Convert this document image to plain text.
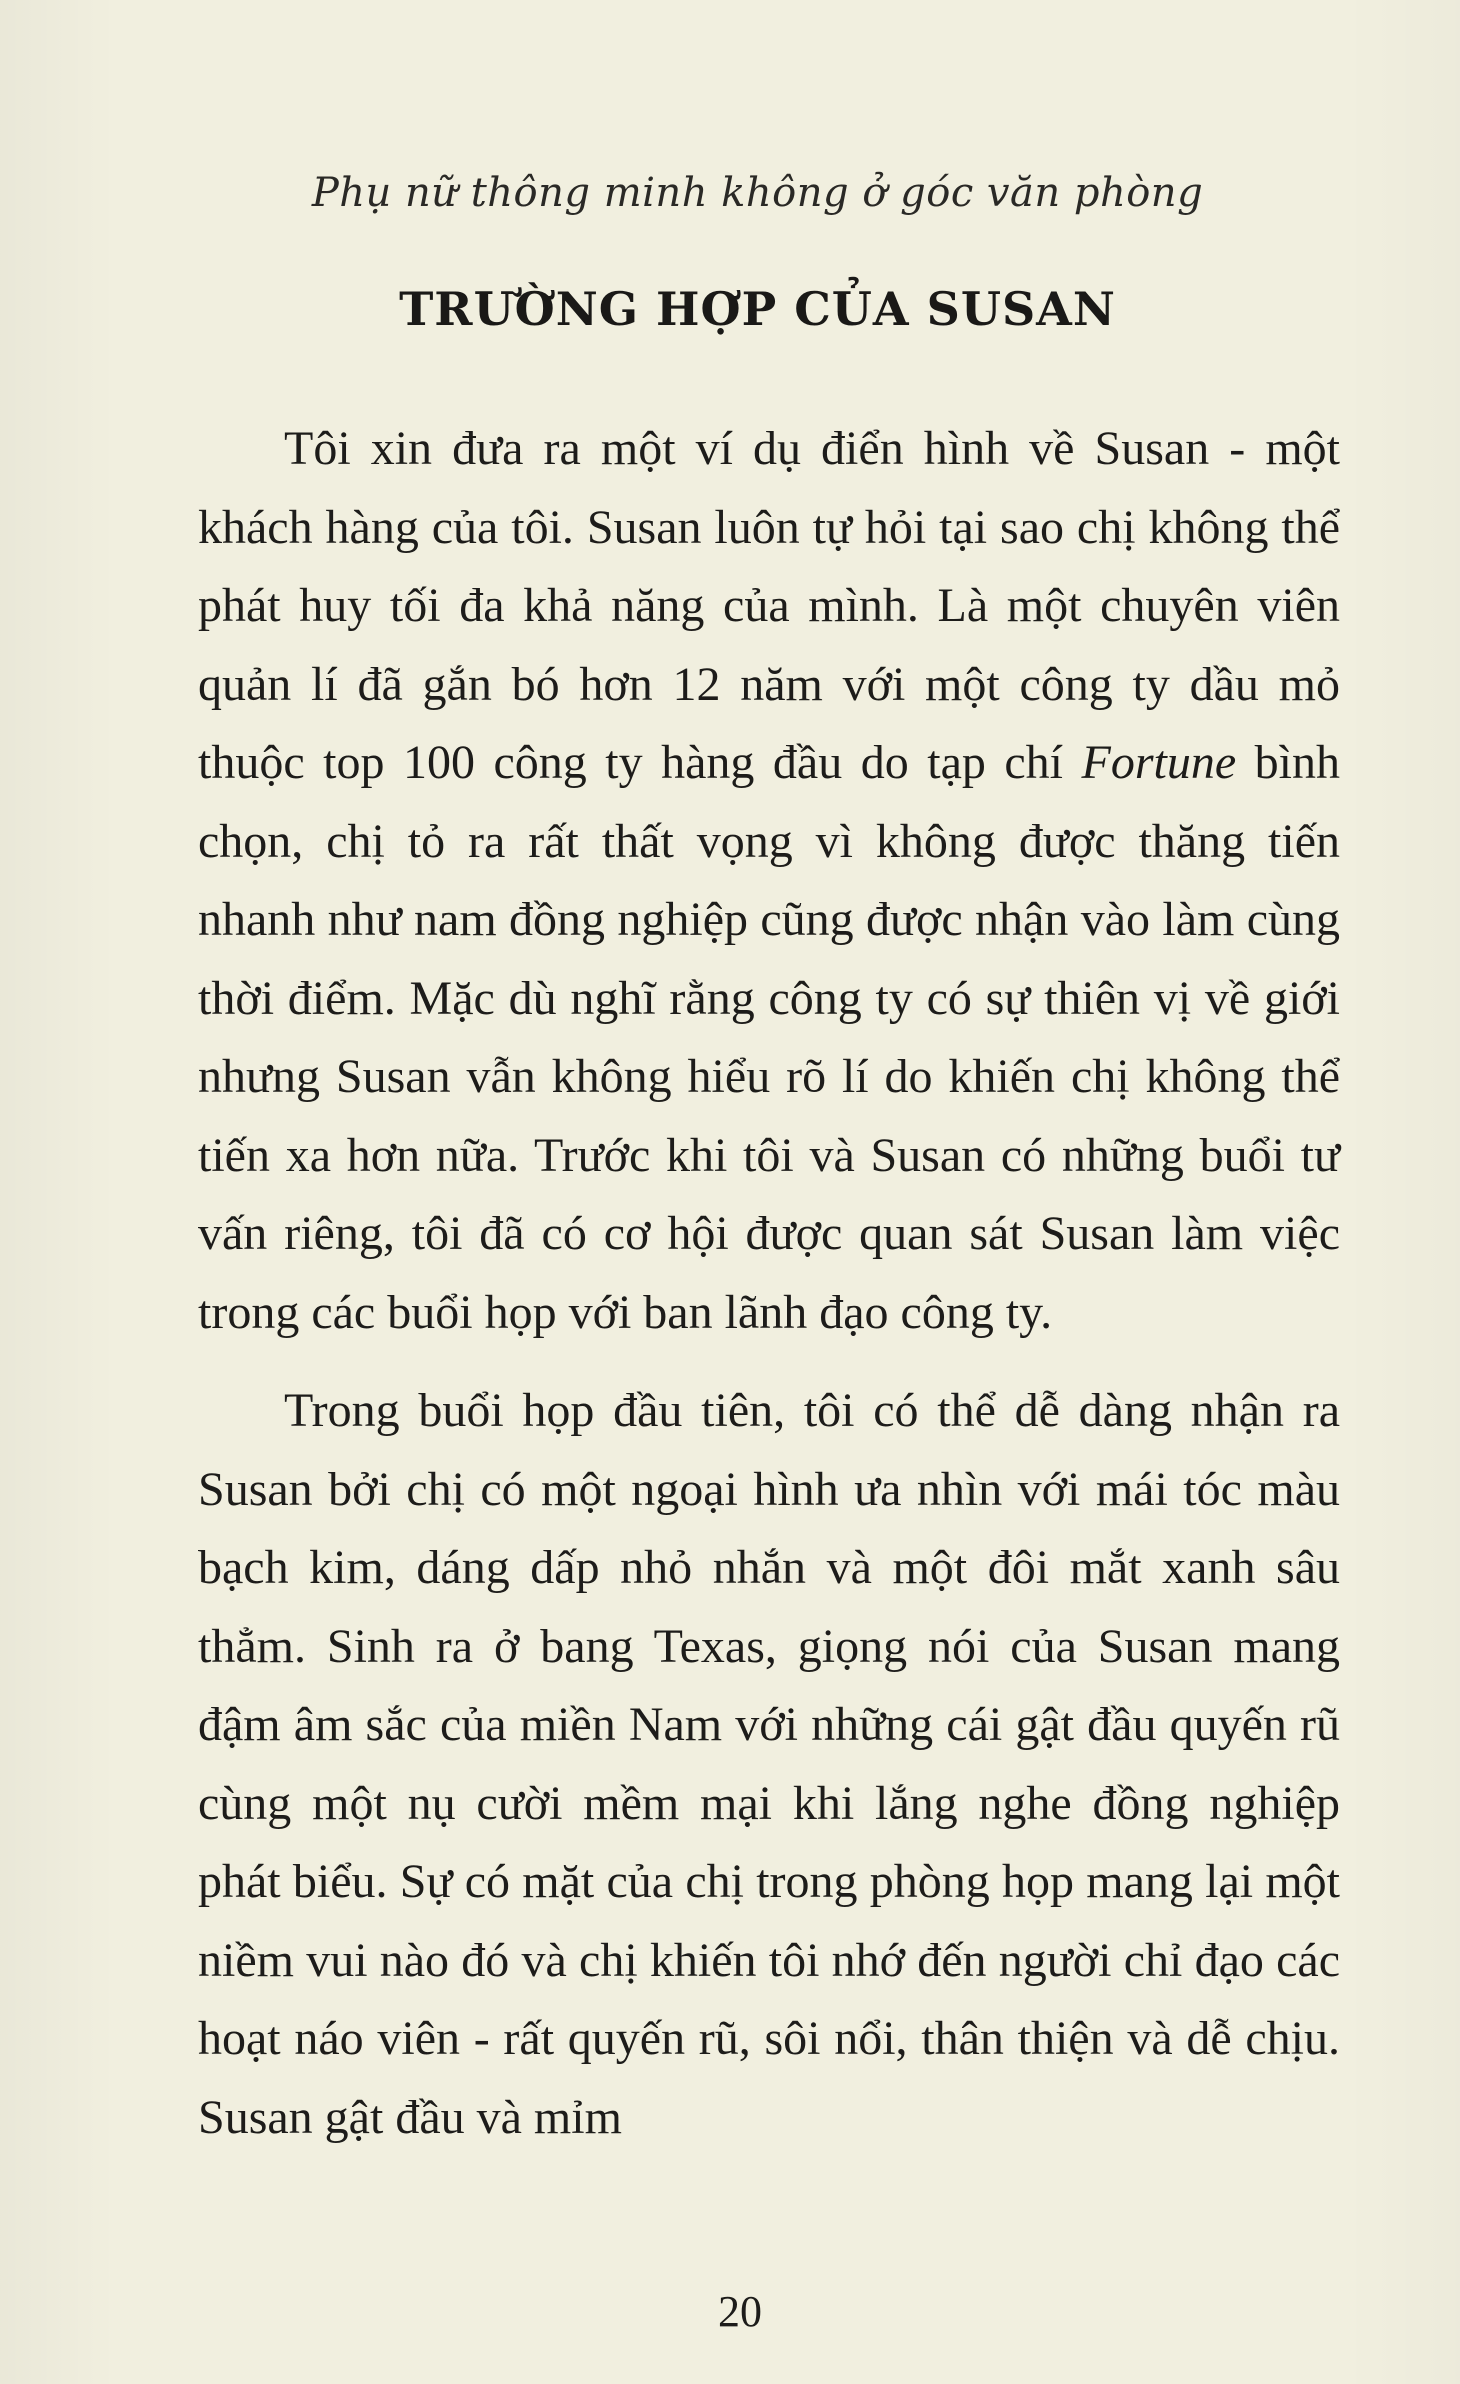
Phụ nữ thông minh không ở góc văn phòng
TRƯỜNG HỢP CỦA SUSAN

Tôi xin đưa ra một ví dụ điển hình về Susan - một khách hàng của tôi. Susan luôn tự hỏi tại sao chị không thể phát huy tối đa khả năng của mình. Là một chuyên viên quản lí đã gắn bó hơn 12 năm với một công ty dầu mỏ thuộc top 100 công ty hàng đầu do tạp chí Fortune bình chọn, chị tỏ ra rất thất vọng vì không được thăng tiến nhanh như nam đồng nghiệp cũng được nhận vào làm cùng thời điểm. Mặc dù nghĩ rằng công ty có sự thiên vị về giới nhưng Susan vẫn không hiểu rõ lí do khiến chị không thể tiến xa hơn nữa. Trước khi tôi và Susan có những buổi tư vấn riêng, tôi đã có cơ hội được quan sát Susan làm việc trong các buổi họp với ban lãnh đạo công ty.

Trong buổi họp đầu tiên, tôi có thể dễ dàng nhận ra Susan bởi chị có một ngoại hình ưa nhìn với mái tóc màu bạch kim, dáng dấp nhỏ nhắn và một đôi mắt xanh sâu thẳm. Sinh ra ở bang Texas, giọng nói của Susan mang đậm âm sắc của miền Nam với những cái gật đầu quyến rũ cùng một nụ cười mềm mại khi lắng nghe đồng nghiệp phát biểu. Sự có mặt của chị trong phòng họp mang lại một niềm vui nào đó và chị khiến tôi nhớ đến người chỉ đạo các hoạt náo viên - rất quyến rũ, sôi nổi, thân thiện và dễ chịu. Susan gật đầu và mỉm

20
